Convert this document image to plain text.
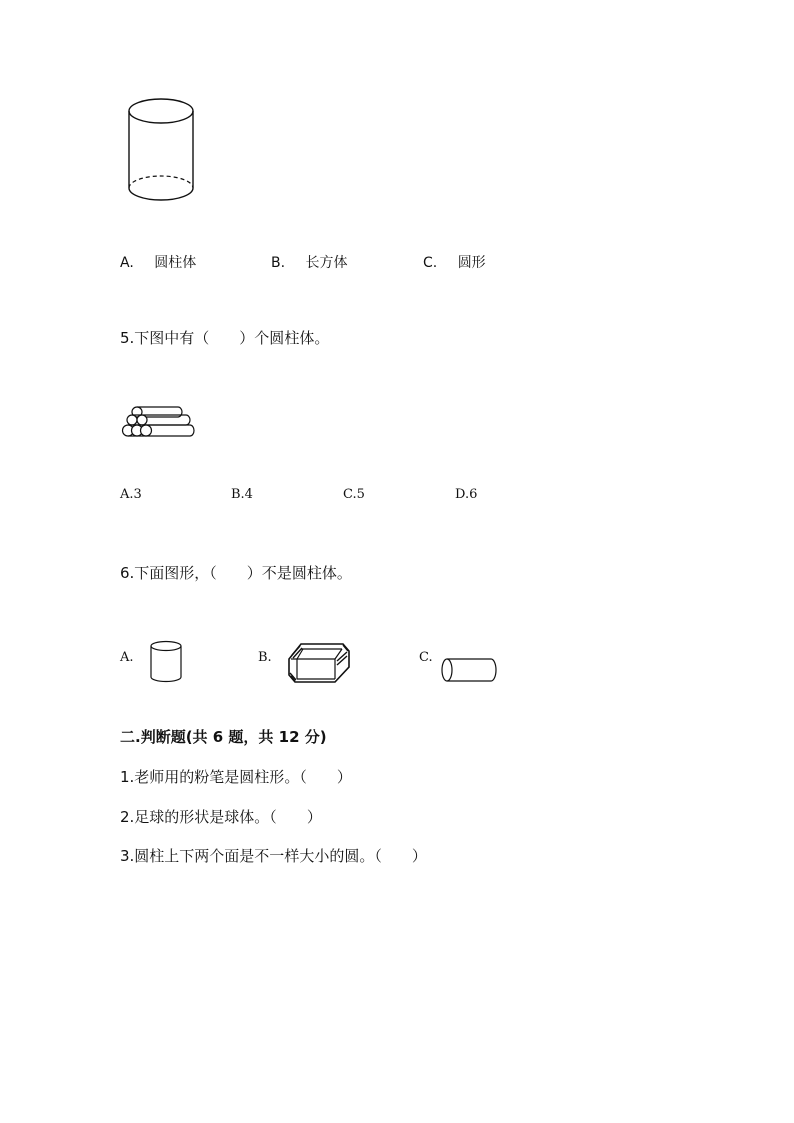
A. 圆柱体	B. 长方体	C. 圆形
5.下图中有（　　）个圆柱体。
A.3	B.4	C.5	D.6
6.下面图形，（　　）不是圆柱体。
A.	B.	C.
二.判断题(共 6 题，共 12 分)
1.老师用的粉笔是圆柱形。（　　）
2.足球的形状是球体。（　　）
3.圆柱上下两个面是不一样大小的圆。（　　）
